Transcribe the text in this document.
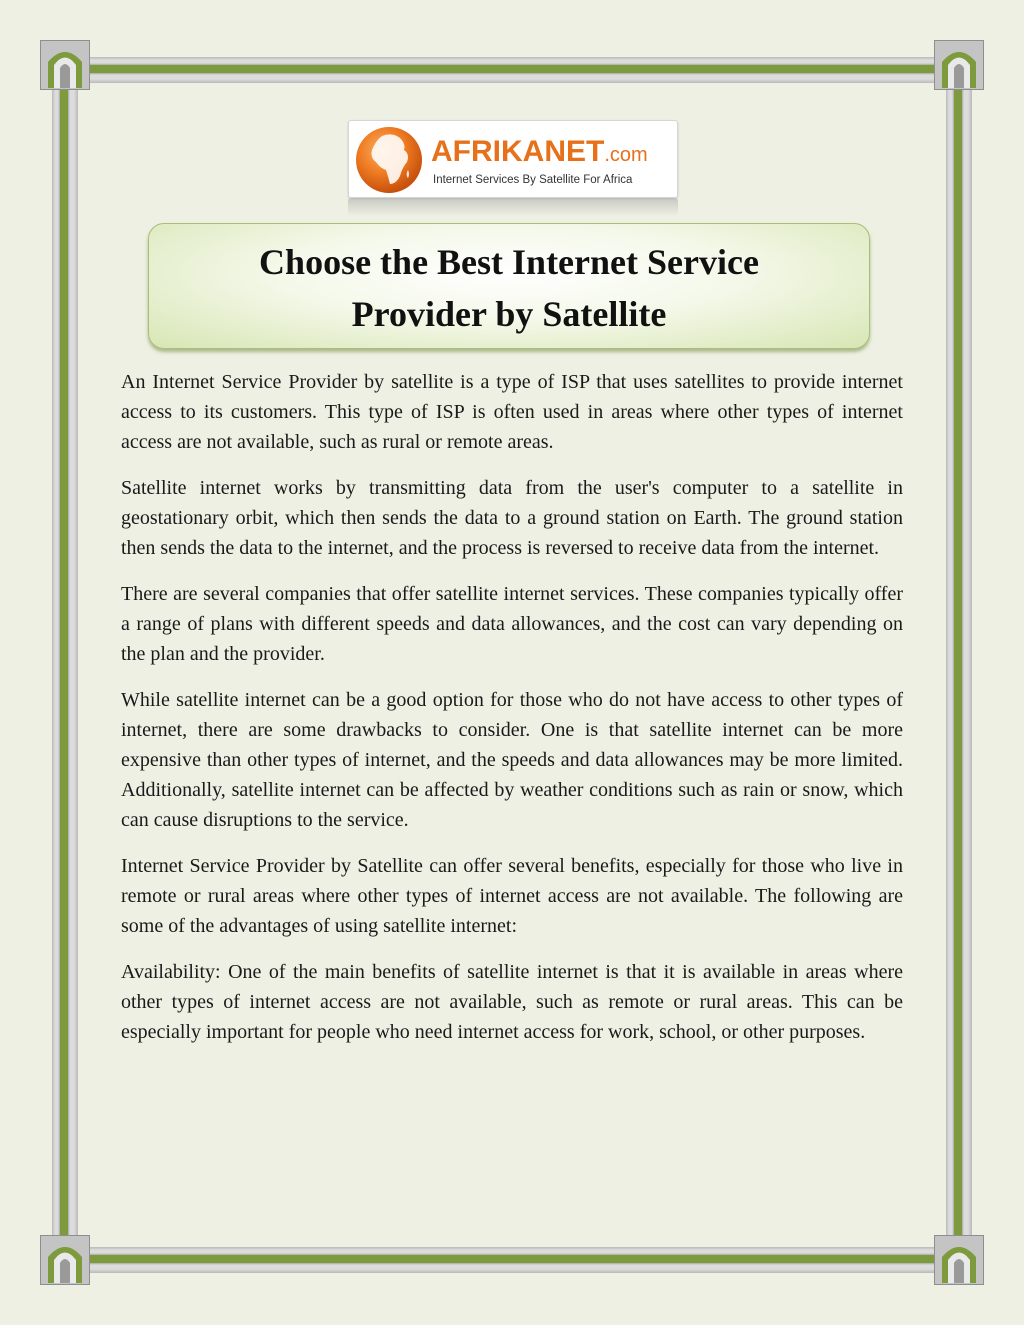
AFRIKANET.com
Internet Services By Satellite For Africa
Choose the Best Internet Service
Provider by Satellite

An Internet Service Provider by satellite is a type of ISP that uses satellites to provide internet access to its customers. This type of ISP is often used in areas where other types of internet access are not available, such as rural or remote areas.

Satellite internet works by transmitting data from the user's computer to a satellite in geostationary orbit, which then sends the data to a ground station on Earth. The ground station then sends the data to the internet, and the process is reversed to receive data from the internet.

There are several companies that offer satellite internet services. These companies typically offer a range of plans with different speeds and data allowances, and the cost can vary depending on the plan and the provider.

While satellite internet can be a good option for those who do not have access to other types of internet, there are some drawbacks to consider. One is that satellite internet can be more expensive than other types of internet, and the speeds and data allowances may be more limited. Additionally, satellite internet can be affected by weather conditions such as rain or snow, which can cause disruptions to the service.

Internet Service Provider by Satellite can offer several benefits, especially for those who live in remote or rural areas where other types of internet access are not available. The following are some of the advantages of using satellite internet:

Availability: One of the main benefits of satellite internet is that it is available in areas where other types of internet access are not available, such as remote or rural areas. This can be especially important for people who need internet access for work, school, or other purposes.
